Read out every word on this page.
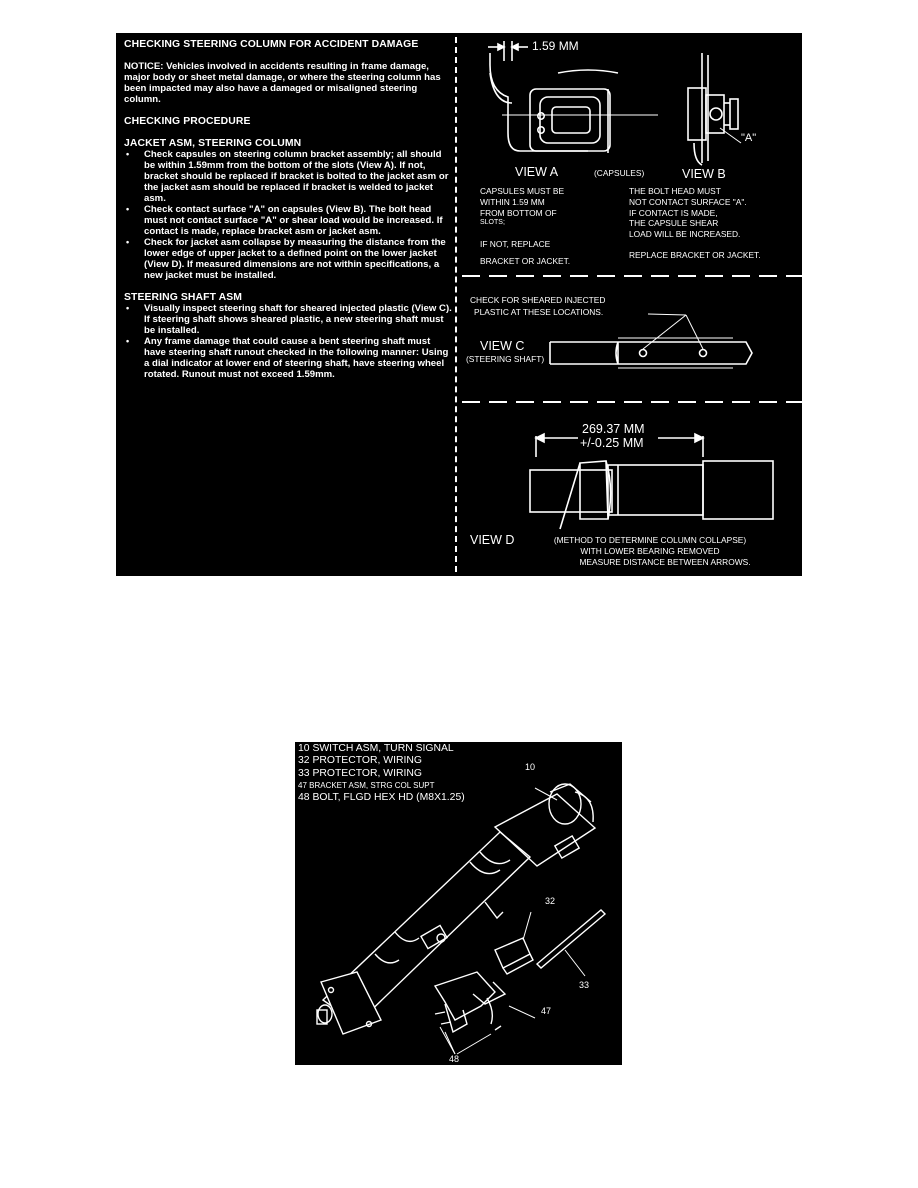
CHECKING STEERING COLUMN FOR ACCIDENT DAMAGE

NOTICE: Vehicles involved in accidents resulting in frame damage, major body or sheet metal damage, or where the steering column has been impacted may also have a damaged or misaligned steering column.

CHECKING PROCEDURE
JACKET ASM, STEERING COLUMN
• Check capsules on steering column bracket assembly; all should be within 1.59mm from the bottom of the slots (View A). If not, bracket should be replaced if bracket is bolted to the jacket asm or the jacket asm should be replaced if bracket is welded to jacket asm.
• Check contact surface "A" on capsules (View B). The bolt head must not contact surface "A" or shear load would be increased. If contact is made, replace bracket asm or jacket asm.
• Check for jacket asm collapse by measuring the distance from the lower edge of upper jacket to a defined point on the lower jacket (View D). If measured dimensions are not within specifications, a new jacket must be installed.
STEERING SHAFT ASM
• Visually inspect steering shaft for sheared injected plastic (View C). If steering shaft shows sheared plastic, a new steering shaft must be installed.
• Any frame damage that could cause a bent steering shaft must have steering shaft runout checked in the following manner: Using a dial indicator at lower end of steering shaft, have steering wheel rotated. Runout must not exceed 1.59mm.
1.59 MM
"A"
VIEW A	(CAPSULES)	VIEW B
CAPSULES MUST BE
WITHIN 1.59 MM
FROM BOTTOM OF
SLOTS;
IF NOT, REPLACE
BRACKET OR JACKET.
THE BOLT HEAD MUST
NOT CONTACT SURFACE "A".
IF CONTACT IS MADE,
THE CAPSULE SHEAR
LOAD WILL BE INCREASED.
REPLACE BRACKET OR JACKET.
CHECK FOR SHEARED INJECTED
PLASTIC AT THESE LOCATIONS.
VIEW C
(STEERING SHAFT)
269.37 MM
+/-0.25 MM
VIEW D	(METHOD TO DETERMINE COLUMN COLLAPSE)
WITH LOWER BEARING REMOVED
MEASURE DISTANCE BETWEEN ARROWS.
10 SWITCH ASM, TURN SIGNAL
32 PROTECTOR, WIRING
33 PROTECTOR, WIRING
47 BRACKET ASM, STRG COL SUPT
48 BOLT, FLGD HEX HD (M8X1.25)
10
32
33
47
48
